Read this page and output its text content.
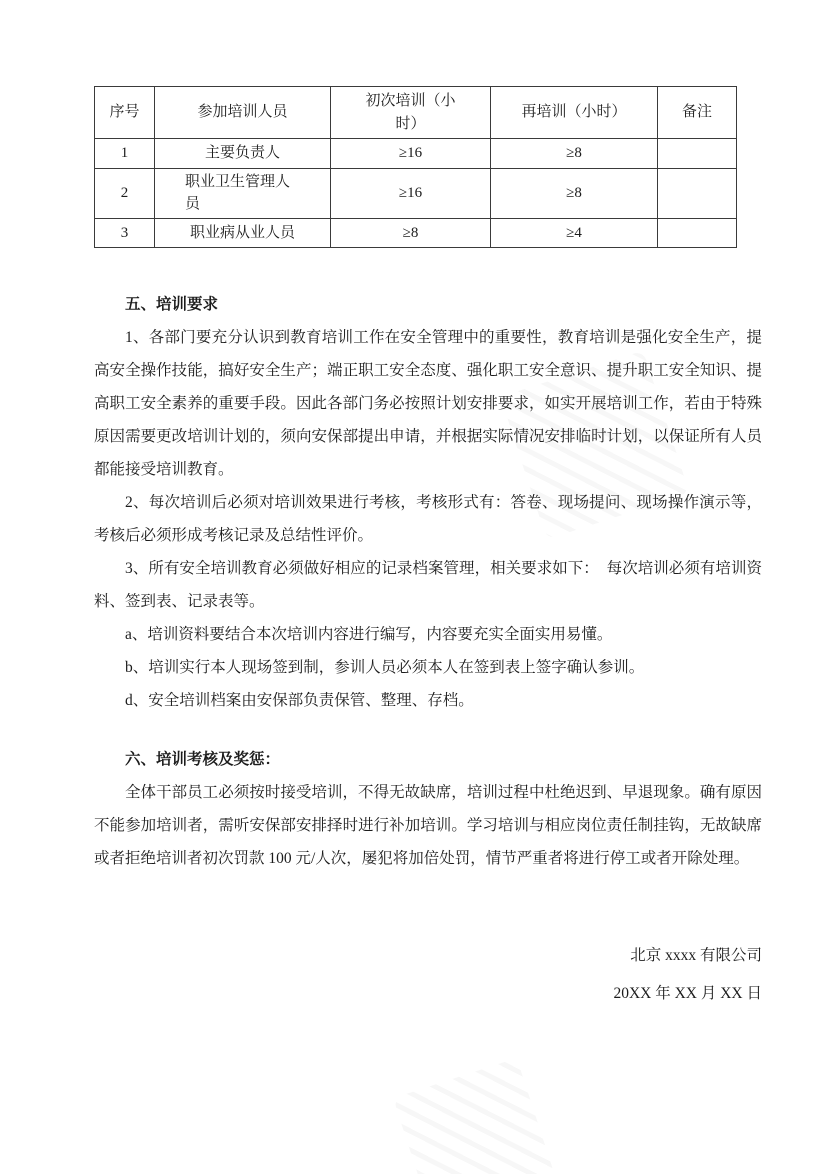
序号	参加培训人员	初次培训（小时）	再培训（小时）	备注
1	主要负责人	≥16	≥8	
2	职业卫生管理人员	≥16	≥8	
3	职业病从业人员	≥8	≥4	

五、培训要求

1、各部门要充分认识到教育培训工作在安全管理中的重要性，教育培训是强化安全生产，提高安全操作技能，搞好安全生产；端正职工安全态度、强化职工安全意识、提升职工安全知识、提高职工安全素养的重要手段。因此各部门务必按照计划安排要求，如实开展培训工作，若由于特殊原因需要更改培训计划的，须向安保部提出申请，并根据实际情况安排临时计划，以保证所有人员都能接受培训教育。

2、每次培训后必须对培训效果进行考核，考核形式有：答卷、现场提问、现场操作演示等，考核后必须形成考核记录及总结性评价。

3、所有安全培训教育必须做好相应的记录档案管理，相关要求如下：  每次培训必须有培训资料、签到表、记录表等。

a、培训资料要结合本次培训内容进行编写，内容要充实全面实用易懂。

b、培训实行本人现场签到制，参训人员必须本人在签到表上签字确认参训。

d、安全培训档案由安保部负责保管、整理、存档。

六、培训考核及奖惩：

全体干部员工必须按时接受培训，不得无故缺席，培训过程中杜绝迟到、早退现象。确有原因不能参加培训者，需听安保部安排择时进行补加培训。学习培训与相应岗位责任制挂钩，无故缺席或者拒绝培训者初次罚款 100 元/人次，屡犯将加倍处罚，情节严重者将进行停工或者开除处理。

北京 xxxx 有限公司

20XX 年 XX 月 XX 日
